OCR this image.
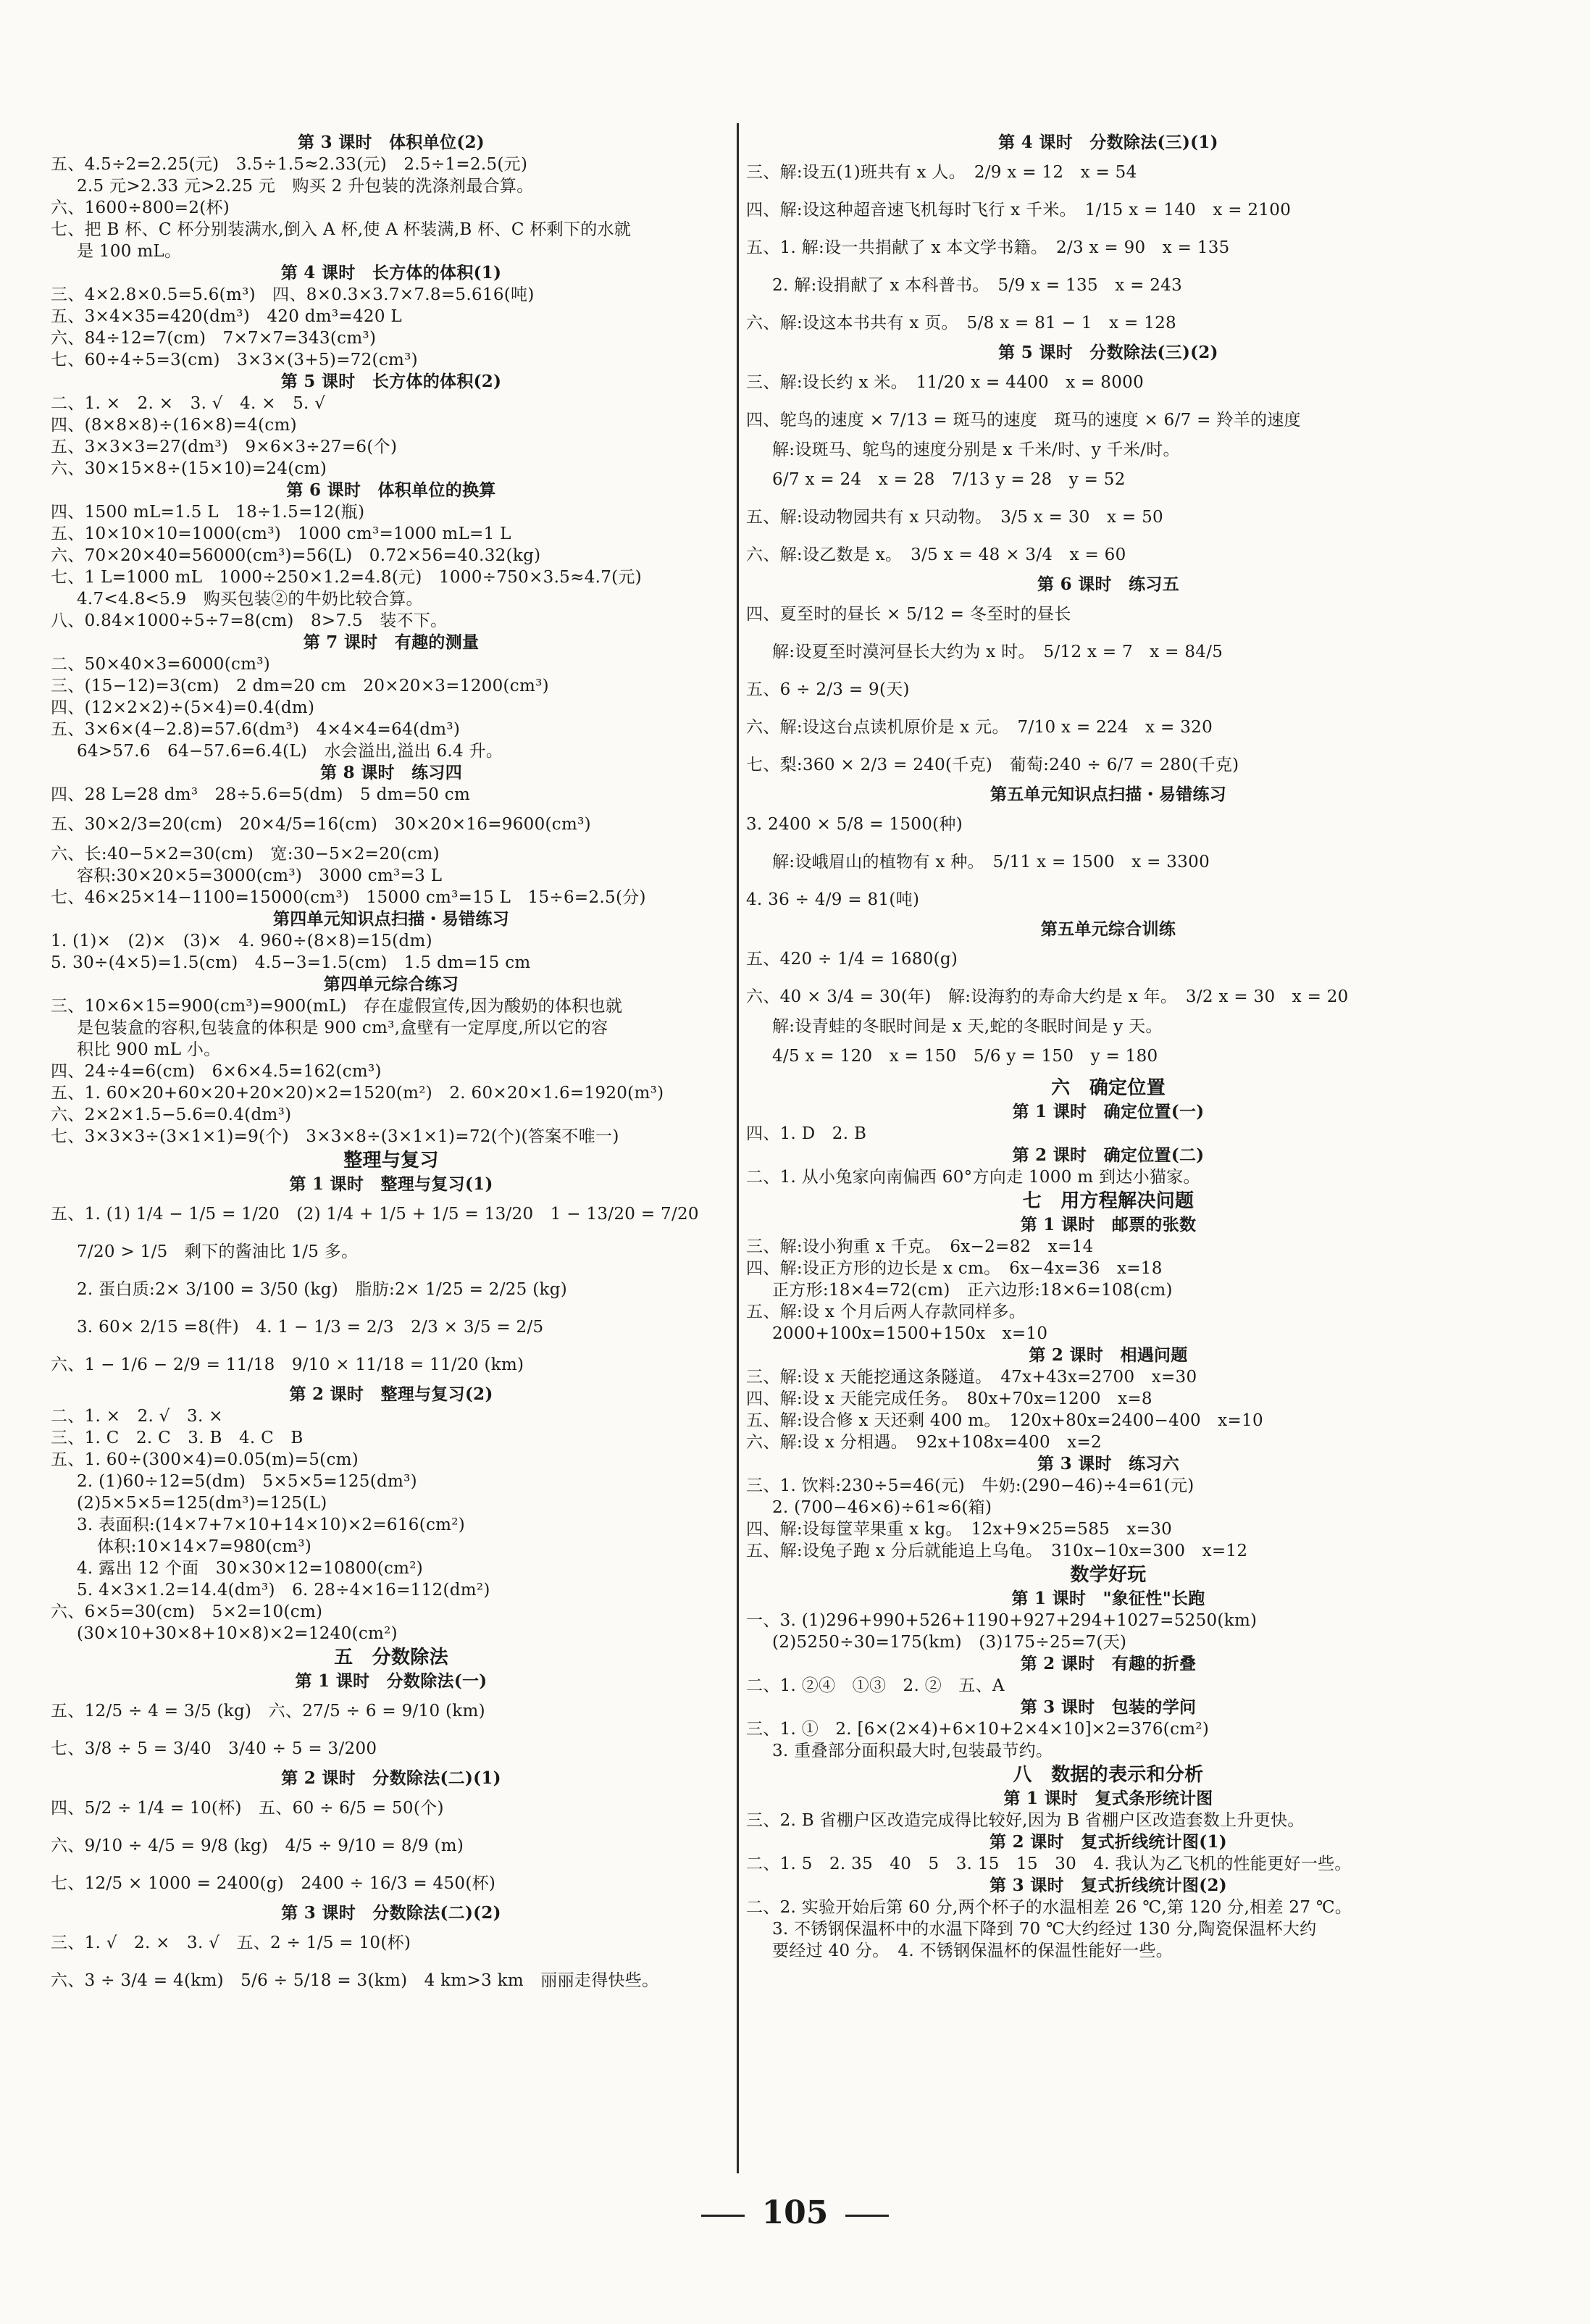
第 3 课时　体积单位(2)
五、4.5÷2=2.25(元)　3.5÷1.5≈2.33(元)　2.5÷1=2.5(元)
2.5 元>2.33 元>2.25 元　购买 2 升包装的洗涤剂最合算。
六、1600÷800=2(杯)
七、把 B 杯、C 杯分别装满水,倒入 A 杯,使 A 杯装满,B 杯、C 杯剩下的水就
是 100 mL。
第 4 课时　长方体的体积(1)
三、4×2.8×0.5=5.6(m³)　四、8×0.3×3.7×7.8=5.616(吨)
五、3×4×35=420(dm³)　420 dm³=420 L
六、84÷12=7(cm)　7×7×7=343(cm³)
七、60÷4÷5=3(cm)　3×3×(3+5)=72(cm³)
第 5 课时　长方体的体积(2)
二、1. ×　2. ×　3. √　4. ×　5. √
四、(8×8×8)÷(16×8)=4(cm)
五、3×3×3=27(dm³)　9×6×3÷27=6(个)
六、30×15×8÷(15×10)=24(cm)
第 6 课时　体积单位的换算
四、1500 mL=1.5 L　18÷1.5=12(瓶)
五、10×10×10=1000(cm³)　1000 cm³=1000 mL=1 L
六、70×20×40=56000(cm³)=56(L)　0.72×56=40.32(kg)
七、1 L=1000 mL　1000÷250×1.2=4.8(元)　1000÷750×3.5≈4.7(元)
4.7<4.8<5.9　购买包装②的牛奶比较合算。
八、0.84×1000÷5÷7=8(cm)　8>7.5　装不下。
第 7 课时　有趣的测量
二、50×40×3=6000(cm³)
三、(15−12)=3(cm)　2 dm=20 cm　20×20×3=1200(cm³)
四、(12×2×2)÷(5×4)=0.4(dm)
五、3×6×(4−2.8)=57.6(dm³)　4×4×4=64(dm³)
64>57.6　64−57.6=6.4(L)　水会溢出,溢出 6.4 升。
第 8 课时　练习四
四、28 L=28 dm³　28÷5.6=5(dm)　5 dm=50 cm
五、30×2/3=20(cm)　20×4/5=16(cm)　30×20×16=9600(cm³)
六、长:40−5×2=30(cm)　宽:30−5×2=20(cm)
容积:30×20×5=3000(cm³)　3000 cm³=3 L
七、46×25×14−1100=15000(cm³)　15000 cm³=15 L　15÷6=2.5(分)
第四单元知识点扫描・易错练习
1. (1)×　(2)×　(3)×　4. 960÷(8×8)=15(dm)
5. 30÷(4×5)=1.5(cm)　4.5−3=1.5(cm)　1.5 dm=15 cm
第四单元综合练习
三、10×6×15=900(cm³)=900(mL)　存在虚假宣传,因为酸奶的体积也就
是包装盒的容积,包装盒的体积是 900 cm³,盒壁有一定厚度,所以它的容
积比 900 mL 小。
四、24÷4=6(cm)　6×6×4.5=162(cm³)
五、1. 60×20+60×20+20×20)×2=1520(m²)　2. 60×20×1.6=1920(m³)
六、2×2×1.5−5.6=0.4(dm³)
七、3×3×3÷(3×1×1)=9(个)　3×3×8÷(3×1×1)=72(个)(答案不唯一)
整理与复习
第 1 课时　整理与复习(1)
五、1. (1) 1/4 − 1/5 = 1/20　(2) 1/4 + 1/5 + 1/5 = 13/20　1 − 13/20 = 7/20
7/20 > 1/5　剩下的酱油比 1/5 多。
2. 蛋白质:2× 3/100 = 3/50 (kg)　脂肪:2× 1/25 = 2/25 (kg)
3. 60× 2/15 =8(件)　4. 1 − 1/3 = 2/3　2/3 × 3/5 = 2/5
六、1 − 1/6 − 2/9 = 11/18　9/10 × 11/18 = 11/20 (km)
第 2 课时　整理与复习(2)
二、1. ×　2. √　3. ×
三、1. C　2. C　3. B　4. C　B
五、1. 60÷(300×4)=0.05(m)=5(cm)
2. (1)60÷12=5(dm)　5×5×5=125(dm³)
(2)5×5×5=125(dm³)=125(L)
3. 表面积:(14×7+7×10+14×10)×2=616(cm²)
体积:10×14×7=980(cm³)
4. 露出 12 个面　30×30×12=10800(cm²)
5. 4×3×1.2=14.4(dm³)　6. 28÷4×16=112(dm²)
六、6×5=30(cm)　5×2=10(cm)
(30×10+30×8+10×8)×2=1240(cm²)
五　分数除法
第 1 课时　分数除法(一)
五、12/5 ÷ 4 = 3/5 (kg)　六、27/5 ÷ 6 = 9/10 (km)
七、3/8 ÷ 5 = 3/40　3/40 ÷ 5 = 3/200
第 2 课时　分数除法(二)(1)
四、5/2 ÷ 1/4 = 10(杯)　五、60 ÷ 6/5 = 50(个)
六、9/10 ÷ 4/5 = 9/8 (kg)　4/5 ÷ 9/10 = 8/9 (m)
七、12/5 × 1000 = 2400(g)　2400 ÷ 16/3 = 450(杯)
第 3 课时　分数除法(二)(2)
三、1. √　2. ×　3. √　五、2 ÷ 1/5 = 10(杯)
六、3 ÷ 3/4 = 4(km)　5/6 ÷ 5/18 = 3(km)　4 km>3 km　丽丽走得快些。
第 4 课时　分数除法(三)(1)
三、解:设五(1)班共有 x 人。　2/9 x = 12　x = 54
四、解:设这种超音速飞机每时飞行 x 千米。　1/15 x = 140　x = 2100
五、1. 解:设一共捐献了 x 本文学书籍。　2/3 x = 90　x = 135
2. 解:设捐献了 x 本科普书。　5/9 x = 135　x = 243
六、解:设这本书共有 x 页。　5/8 x = 81 − 1　x = 128
第 5 课时　分数除法(三)(2)
三、解:设长约 x 米。　11/20 x = 4400　x = 8000
四、鸵鸟的速度 × 7/13 = 斑马的速度　斑马的速度 × 6/7 = 羚羊的速度
解:设斑马、鸵鸟的速度分别是 x 千米/时、y 千米/时。
6/7 x = 24　x = 28　7/13 y = 28　y = 52
五、解:设动物园共有 x 只动物。　3/5 x = 30　x = 50
六、解:设乙数是 x。　3/5 x = 48 × 3/4　x = 60
第 6 课时　练习五
四、夏至时的昼长 × 5/12 = 冬至时的昼长
解:设夏至时漠河昼长大约为 x 时。　5/12 x = 7　x = 84/5
五、6 ÷ 2/3 = 9(天)
六、解:设这台点读机原价是 x 元。　7/10 x = 224　x = 320
七、梨:360 × 2/3 = 240(千克)　葡萄:240 ÷ 6/7 = 280(千克)
第五单元知识点扫描・易错练习
3. 2400 × 5/8 = 1500(种)
解:设峨眉山的植物有 x 种。　5/11 x = 1500　x = 3300
4. 36 ÷ 4/9 = 81(吨)
第五单元综合训练
五、420 ÷ 1/4 = 1680(g)
六、40 × 3/4 = 30(年)　解:设海豹的寿命大约是 x 年。　3/2 x = 30　x = 20
解:设青蛙的冬眠时间是 x 天,蛇的冬眠时间是 y 天。
4/5 x = 120　x = 150　5/6 y = 150　y = 180
六　确定位置
第 1 课时　确定位置(一)
四、1. D　2. B
第 2 课时　确定位置(二)
二、1. 从小兔家向南偏西 60°方向走 1000 m 到达小猫家。
七　用方程解决问题
第 1 课时　邮票的张数
三、解:设小狗重 x 千克。　6x−2=82　x=14
四、解:设正方形的边长是 x cm。　6x−4x=36　x=18
正方形:18×4=72(cm)　正六边形:18×6=108(cm)
五、解:设 x 个月后两人存款同样多。
2000+100x=1500+150x　x=10
第 2 课时　相遇问题
三、解:设 x 天能挖通这条隧道。　47x+43x=2700　x=30
四、解:设 x 天能完成任务。　80x+70x=1200　x=8
五、解:设合修 x 天还剩 400 m。　120x+80x=2400−400　x=10
六、解:设 x 分相遇。　92x+108x=400　x=2
第 3 课时　练习六
三、1. 饮料:230÷5=46(元)　牛奶:(290−46)÷4=61(元)
2. (700−46×6)÷61≈6(箱)
四、解:设每筐苹果重 x kg。　12x+9×25=585　x=30
五、解:设兔子跑 x 分后就能追上乌龟。　310x−10x=300　x=12
数学好玩
第 1 课时　"象征性"长跑
一、3. (1)296+990+526+1190+927+294+1027=5250(km)
(2)5250÷30=175(km)　(3)175÷25=7(天)
第 2 课时　有趣的折叠
二、1. ②④　①③　2. ②　五、A
第 3 课时　包装的学问
三、1. ①　2. [6×(2×4)+6×10+2×4×10]×2=376(cm²)
3. 重叠部分面积最大时,包装最节约。
八　数据的表示和分析
第 1 课时　复式条形统计图
三、2. B 省棚户区改造完成得比较好,因为 B 省棚户区改造套数上升更快。
第 2 课时　复式折线统计图(1)
二、1. 5　2. 35　40　5　3. 15　15　30　4. 我认为乙飞机的性能更好一些。
第 3 课时　复式折线统计图(2)
二、2. 实验开始后第 60 分,两个杯子的水温相差 26 ℃,第 120 分,相差 27 ℃。
3. 不锈钢保温杯中的水温下降到 70 ℃大约经过 130 分,陶瓷保温杯大约
要经过 40 分。　4. 不锈钢保温杯的保温性能好一些。
105
